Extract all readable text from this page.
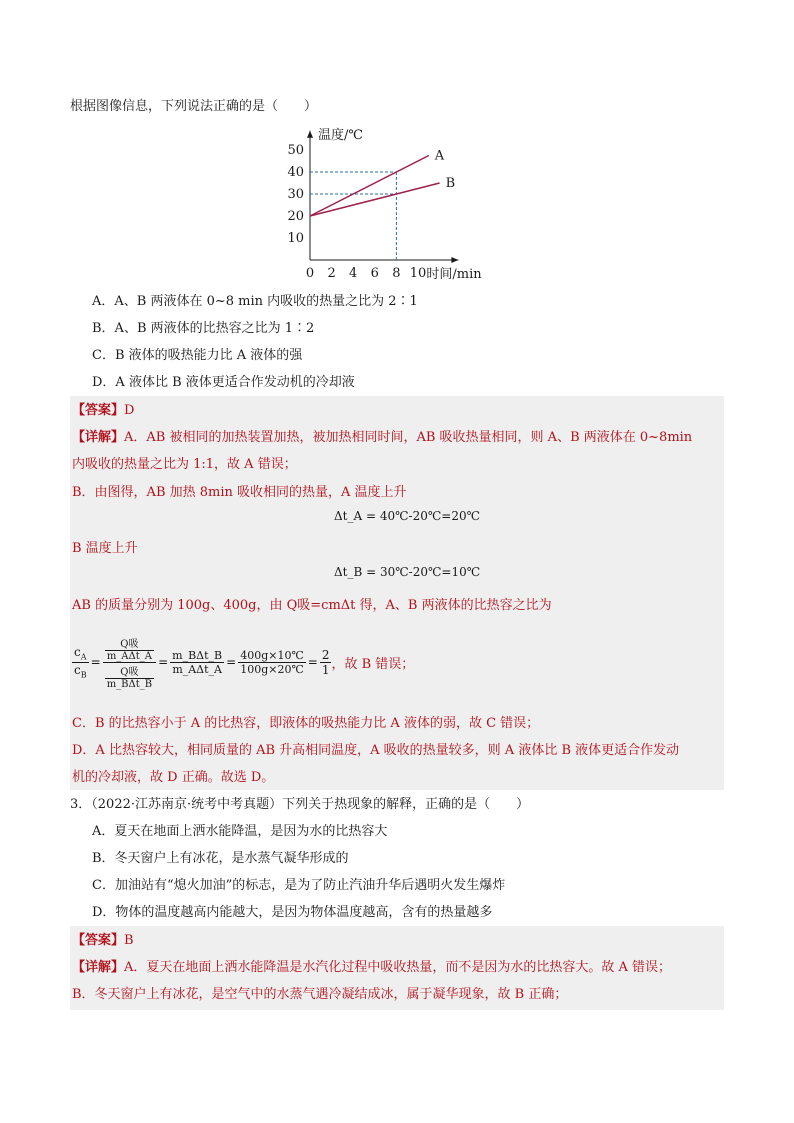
根据图像信息，下列说法正确的是（　　）
10
20
30
40
50
0 2 4 6 8 10
温度/℃
时间/min
A
B
A．A、B 两液体在 0~8 min 内吸收的热量之比为 2∶1
B．A、B 两液体的比热容之比为 1∶2
C．B 液体的吸热能力比 A 液体的强
D．A 液体比 B 液体更适合作发动机的冷却液
【答案】D
【详解】A．AB 被相同的加热装置加热，被加热相同时间，AB 吸收热量相同，则 A、B 两液体在 0~8min
内吸收的热量之比为 1:1，故 A 错误；
B．由图得，AB 加热 8min 吸收相同的热量，A 温度上升
Δt_A = 40℃-20℃=20℃
B 温度上升
Δt_B = 30℃-20℃=10℃
AB 的质量分别为 100g、400g，由 Q吸=cmΔt 得，A、B 两液体的比热容之比为
$\frac{c_A}{c_B} = \frac{\frac{\text{Q吸}}{\text{m\_AΔt\_A}}}{\frac{\text{Q吸}}{\text{m\_BΔt\_B}}} = \frac{\text{m\_BΔt\_B}}{\text{m\_AΔt\_A}} = \frac{400g\times 10℃}{100g\times 20℃} = \frac{2}{1}$ ，故 B 错误；
C．B 的比热容小于 A 的比热容，即液体的吸热能力比 A 液体的弱，故 C 错误；
D．A 比热容较大，相同质量的 AB 升高相同温度，A 吸收的热量较多，则 A 液体比 B 液体更适合作发动
机的冷却液，故 D 正确。故选 D。
3．（2022·江苏南京·统考中考真题）下列关于热现象的解释，正确的是（　　）
A．夏天在地面上洒水能降温，是因为水的比热容大
B．冬天窗户上有冰花，是水蒸气凝华形成的
C．加油站有“熄火加油”的标志，是为了防止汽油升华后遇明火发生爆炸
D．物体的温度越高内能越大，是因为物体温度越高，含有的热量越多
【答案】B
【详解】A．夏天在地面上洒水能降温是水汽化过程中吸收热量，而不是因为水的比热容大。故 A 错误；
B．冬天窗户上有冰花，是空气中的水蒸气遇冷凝结成冰，属于凝华现象，故 B 正确；
